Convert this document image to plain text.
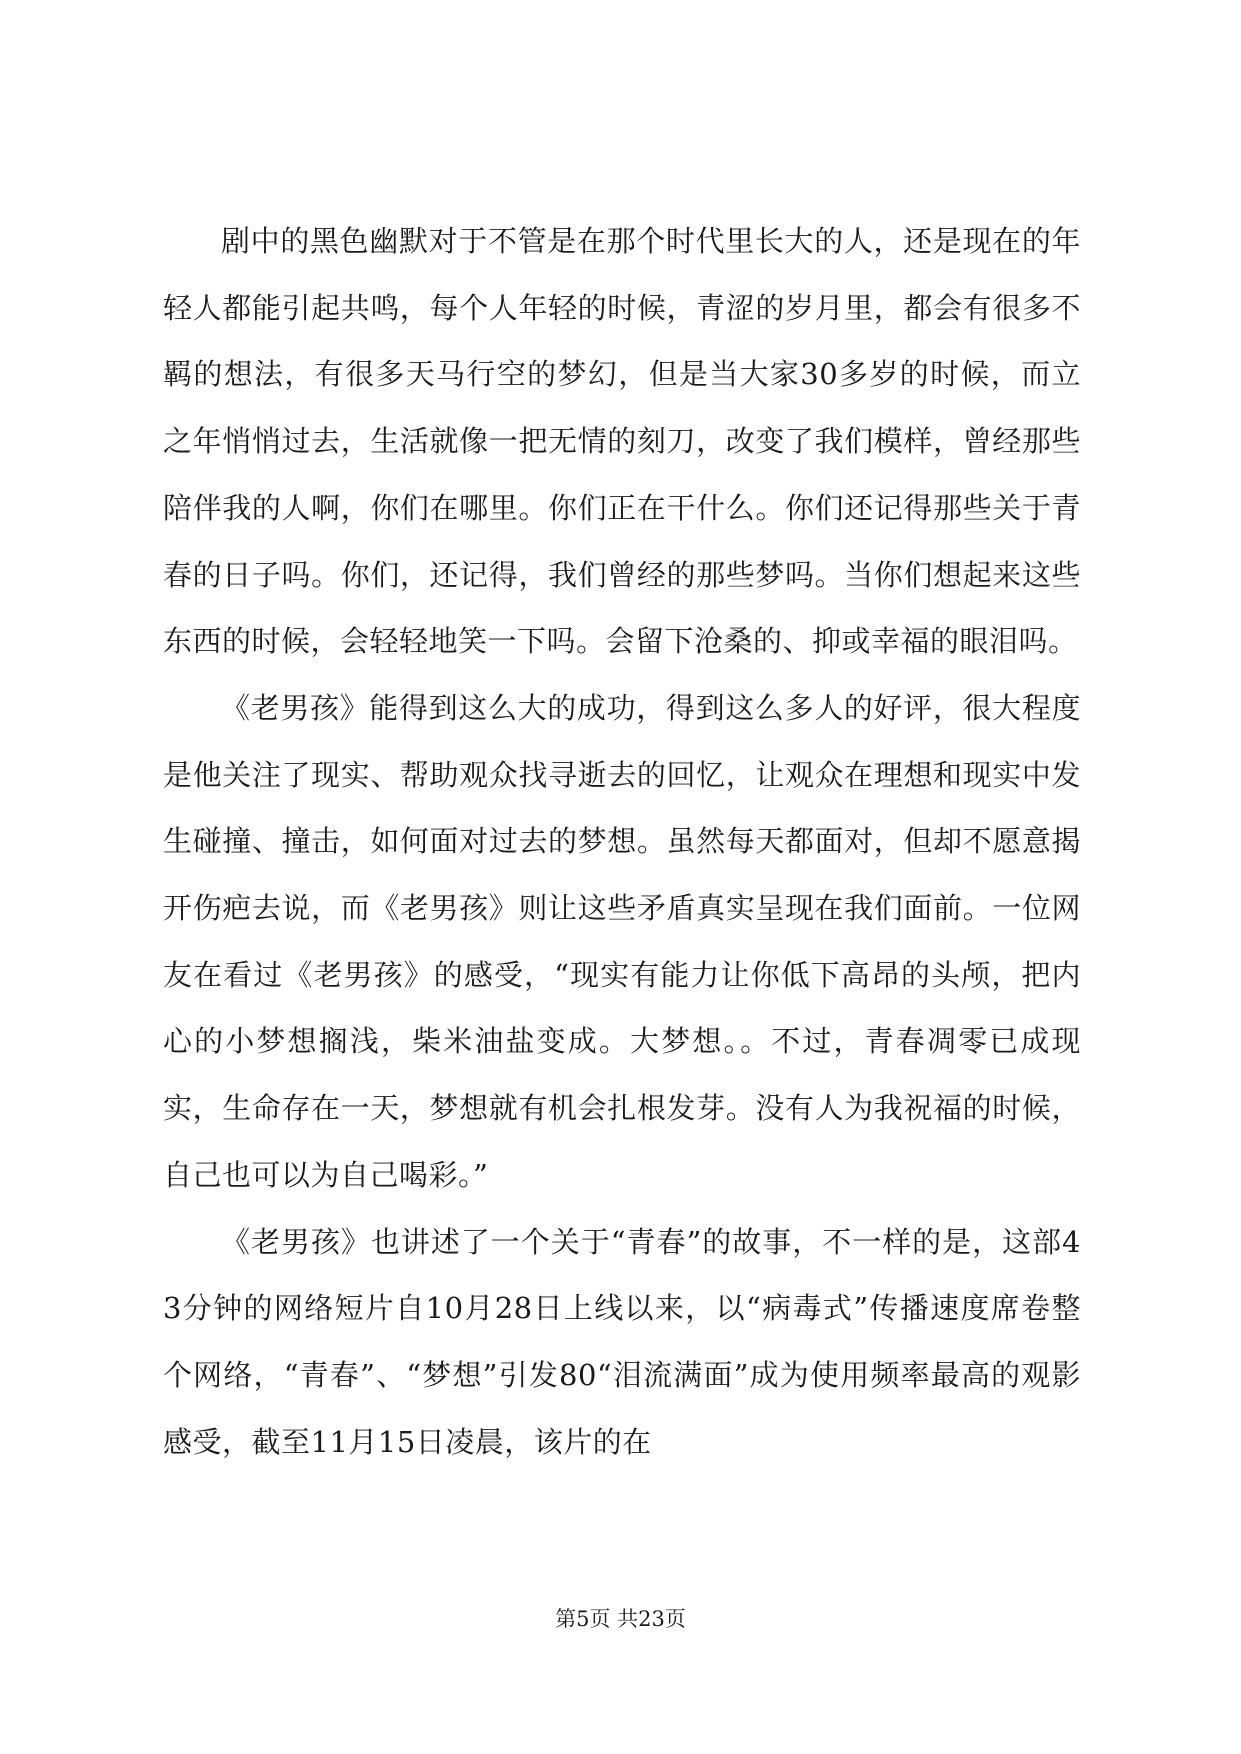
剧中的黑色幽默对于不管是在那个时代里长大的人，还是现在的年轻人都能引起共鸣，每个人年轻的时候，青涩的岁月里，都会有很多不羁的想法，有很多天马行空的梦幻，但是当大家30多岁的时候，而立之年悄悄过去，生活就像一把无情的刻刀，改变了我们模样，曾经那些陪伴我的人啊，你们在哪里。你们正在干什么。你们还记得那些关于青春的日子吗。你们，还记得，我们曾经的那些梦吗。当你们想起来这些东西的时候，会轻轻地笑一下吗。会留下沧桑的、抑或幸福的眼泪吗。

《老男孩》能得到这么大的成功，得到这么多人的好评，很大程度是他关注了现实、帮助观众找寻逝去的回忆，让观众在理想和现实中发生碰撞、撞击，如何面对过去的梦想。虽然每天都面对，但却不愿意揭开伤疤去说，而《老男孩》则让这些矛盾真实呈现在我们面前。一位网友在看过《老男孩》的感受，“现实有能力让你低下高昂的头颅，把内心的小梦想搁浅，柴米油盐变成。大梦想。。不过，青春凋零已成现实，生命存在一天，梦想就有机会扎根发芽。没有人为我祝福的时候，自己也可以为自己喝彩。”

《老男孩》也讲述了一个关于“青春”的故事，不一样的是，这部43分钟的网络短片自10月28日上线以来，以“病毒式”传播速度席卷整个网络，“青春”、“梦想”引发80“泪流满面”成为使用频率最高的观影感受，截至11月15日凌晨，该片的在

第5页 共23页
